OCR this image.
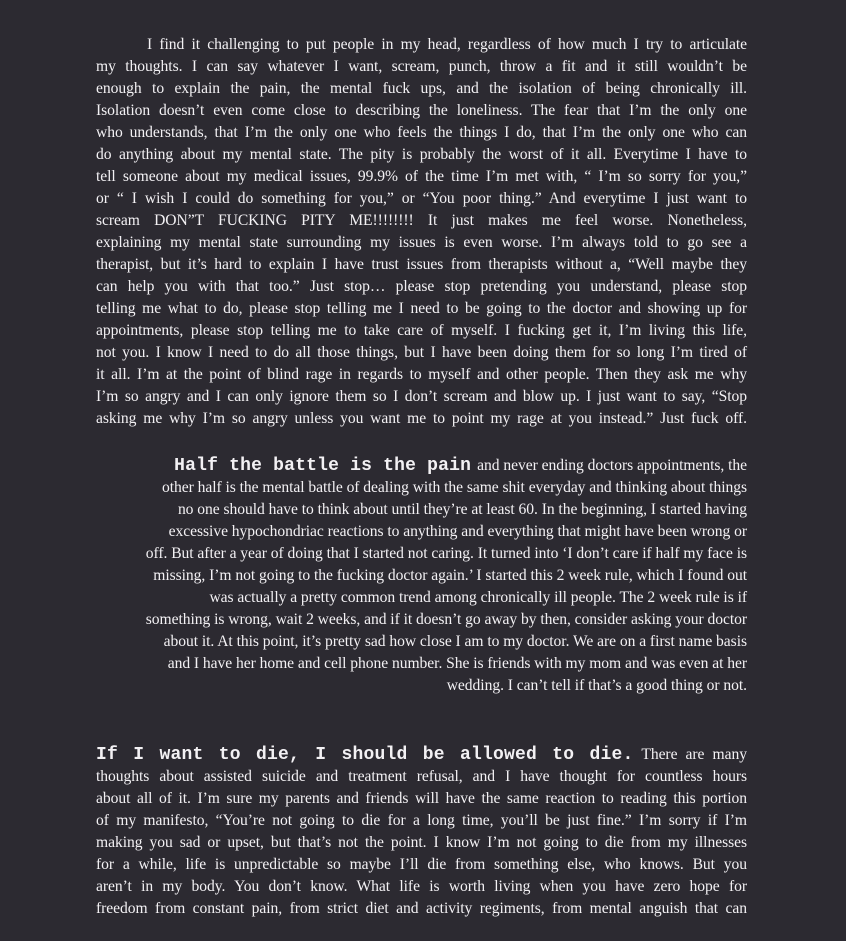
I find it challenging to put people in my head, regardless of how much I try to articulate
my thoughts. I can say whatever I want, scream, punch, throw a fit and it still wouldn’t be
enough to explain the pain, the mental fuck ups, and the isolation of being chronically ill.
Isolation doesn’t even come close to describing the loneliness. The fear that I’m the only one
who understands, that I’m the only one who feels the things I do, that I’m the only one who can
do anything about my mental state. The pity is probably the worst of it all. Everytime I have to
tell someone about my medical issues, 99.9% of the time I’m met with, “ I’m so sorry for you,”
or “ I wish I could do something for you,” or “You poor thing.” And everytime I just want to
scream DON”T FUCKING PITY ME!!!!!!!! It just makes me feel worse. Nonetheless,
explaining my mental state surrounding my issues is even worse. I’m always told to go see a
therapist, but it’s hard to explain I have trust issues from therapists without a, “Well maybe they
can help you with that too.” Just stop… please stop pretending you understand, please stop
telling me what to do, please stop telling me I need to be going to the doctor and showing up for
appointments, please stop telling me to take care of myself. I fucking get it, I’m living this life,
not you. I know I need to do all those things, but I have been doing them for so long I’m tired of
it all. I’m at the point of blind rage in regards to myself and other people. Then they ask me why
I’m so angry and I can only ignore them so I don’t scream and blow up. I just want to say, “Stop
asking me why I’m so angry unless you want me to point my rage at you instead.” Just fuck off.
Half the battle is the pain and never ending doctors appointments, the
other half is the mental battle of dealing with the same shit everyday and thinking about things
no one should have to think about until they’re at least 60. In the beginning, I started having
excessive hypochondriac reactions to anything and everything that might have been wrong or
off. But after a year of doing that I started not caring. It turned into ‘I don’t care if half my face is
missing, I’m not going to the fucking doctor again.’ I started this 2 week rule, which I found out
was actually a pretty common trend among chronically ill people. The 2 week rule is if
something is wrong, wait 2 weeks, and if it doesn’t go away by then, consider asking your doctor
about it. At this point, it’s pretty sad how close I am to my doctor. We are on a first name basis
and I have her home and cell phone number. She is friends with my mom and was even at her
wedding. I can’t tell if that’s a good thing or not.
If I want to die, I should be allowed to die. There are many
thoughts about assisted suicide and treatment refusal, and I have thought for countless hours
about all of it. I’m sure my parents and friends will have the same reaction to reading this portion
of my manifesto, “You’re not going to die for a long time, you’ll be just fine.” I’m sorry if I’m
making you sad or upset, but that’s not the point. I know I’m not going to die from my illnesses
for a while, life is unpredictable so maybe I’ll die from something else, who knows. But you
aren’t in my body. You don’t know. What life is worth living when you have zero hope for
freedom from constant pain, from strict diet and activity regiments, from mental anguish that can
